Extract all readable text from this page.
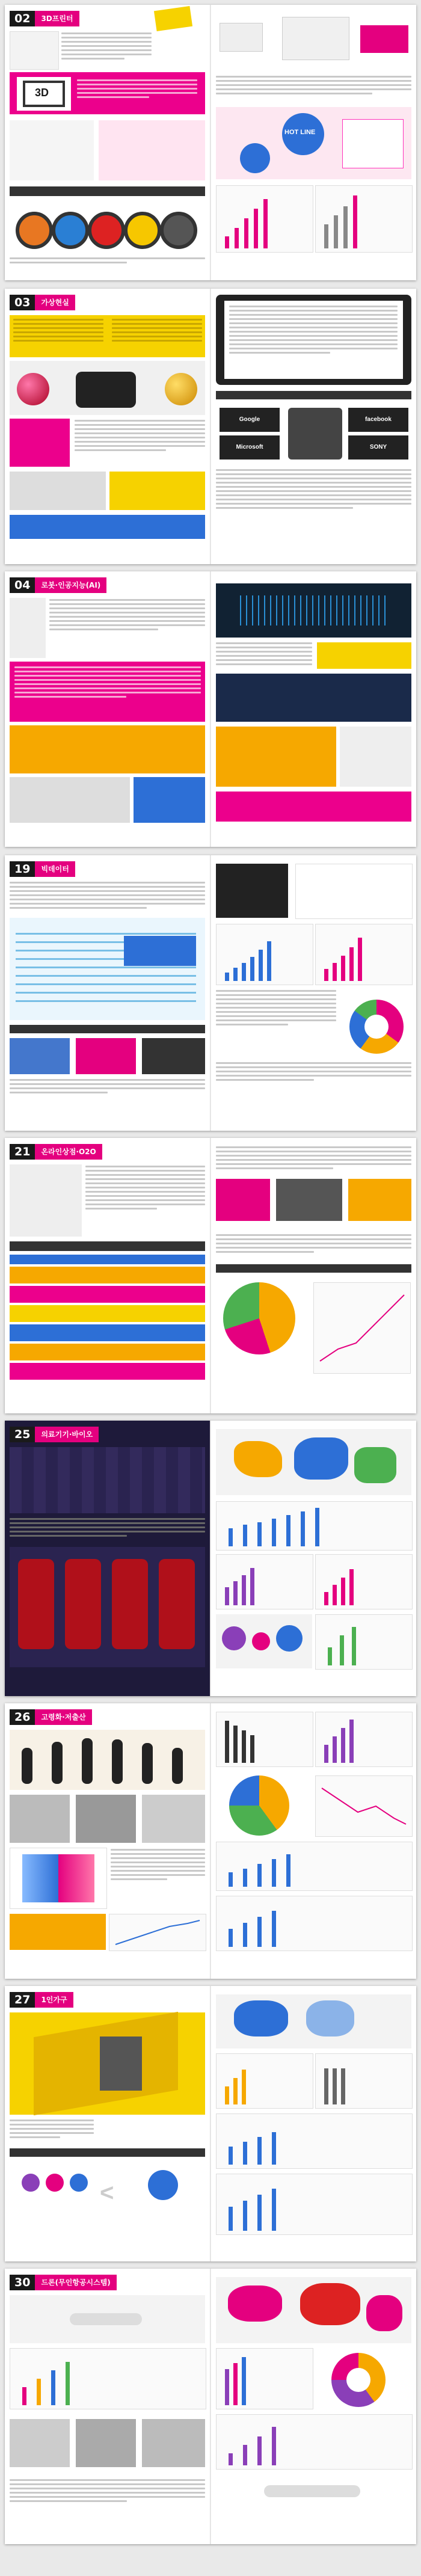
02	3D프린터
3D
HOT LINE
03	가상현실
Google	facebook
Microsoft	SONY
04	로봇·인공지능(AI)
19	빅데이터
21	온라인상점·O2O
25	의료기기·바이오
26	고령화·저출산
27	1인가구
<
30	드론(무인항공시스템)
